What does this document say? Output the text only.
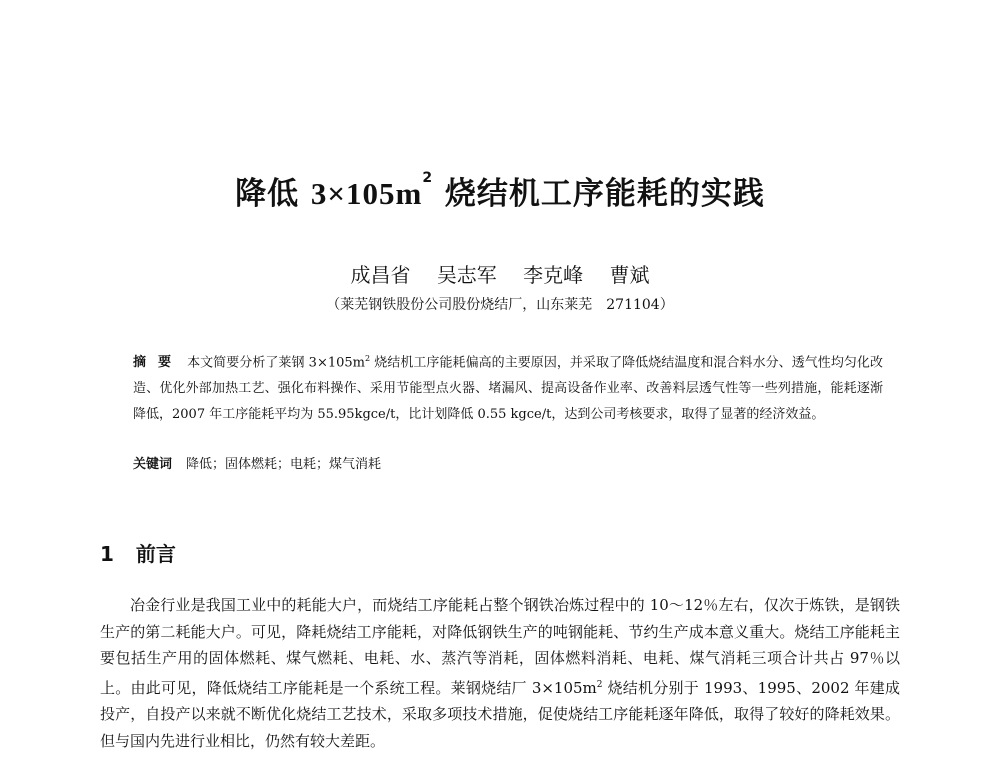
降低 $3\times 105m^2$ 烧结机工序能耗的实践
成昌省 吴志军 李克峰 曹斌
（莱芜钢铁股份公司股份烧结厂，山东莱芜　271104）
摘要 本文简要分析了莱钢 $3\times 105m^2$ 烧结机工序能耗偏高的主要原因，并采取了降低烧结温度和混合料水分、透气性均匀化改造、优化外部加热工艺、强化布料操作、采用节能型点火器、堵漏风、提高设备作业率、改善料层透气性等一些列措施，能耗逐渐降低，2007 年工序能耗平均为 55.95kgce/t，比计划降低 0.55 kgce/t，达到公司考核要求，取得了显著的经济效益。
关键词 降低；固体燃耗；电耗；煤气消耗
1 前言
冶金行业是我国工业中的耗能大户，而烧结工序能耗占整个钢铁冶炼过程中的 10～12％左右，仅次于炼铁，是钢铁生产的第二耗能大户。可见，降耗烧结工序能耗，对降低钢铁生产的吨钢能耗、节约生产成本意义重大。烧结工序能耗主要包括生产用的固体燃耗、煤气燃耗、电耗、水、蒸汽等消耗，固体燃料消耗、电耗、煤气消耗三项合计共占 97％以上。由此可见，降低烧结工序能耗是一个系统工程。莱钢烧结厂 $3\times 105m^2$ 烧结机分别于 1993、1995、2002 年建成投产，自投产以来就不断优化烧结工艺技术，采取多项技术措施，促使烧结工序能耗逐年降低，取得了较好的降耗效果。但与国内先进行业相比，仍然有较大差距。
